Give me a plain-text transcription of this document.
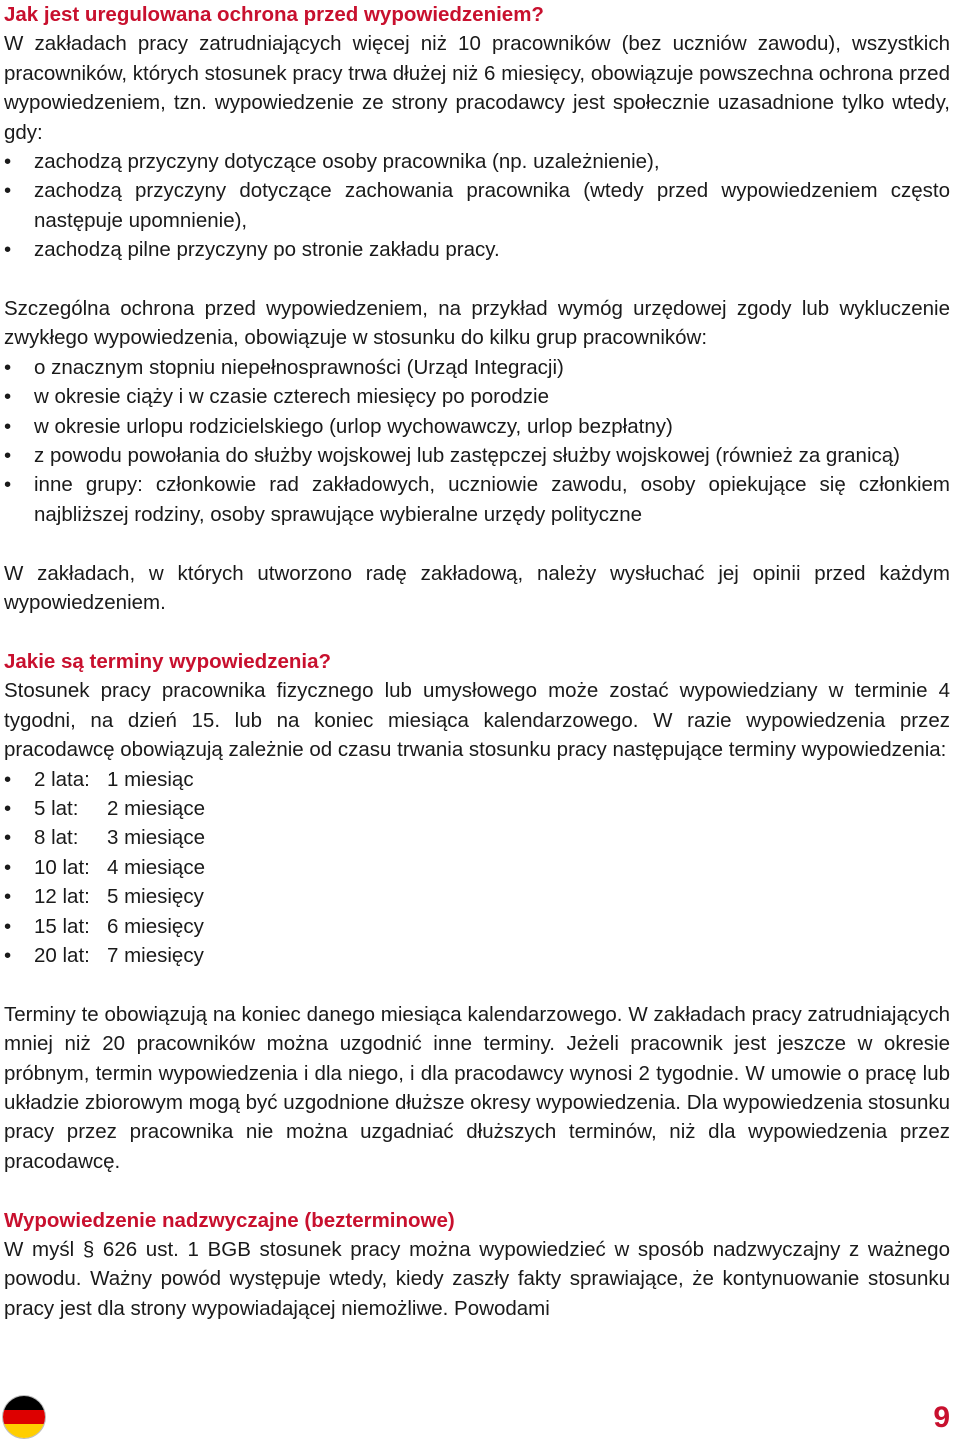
Jak jest uregulowana ochrona przed wypowiedzeniem?

W zakładach pracy zatrudniających więcej niż 10 pracowników (bez uczniów zawodu), wszystkich pracowników, których stosunek pracy trwa dłużej niż 6 miesięcy, obowiązuje powszechna ochrona przed wypowiedzeniem, tzn. wypowiedzenie ze strony pracodawcy jest społecznie uzasadnione tylko wtedy, gdy:

• zachodzą przyczyny dotyczące osoby pracownika (np. uzależnienie),
• zachodzą przyczyny dotyczące zachowania pracownika (wtedy przed wypowiedzeniem często następuje upomnienie),
• zachodzą pilne przyczyny po stronie zakładu pracy.

Szczególna ochrona przed wypowiedzeniem, na przykład wymóg urzędowej zgody lub wykluczenie zwykłego wypowiedzenia, obowiązuje w stosunku do kilku grup pracowników:

• o znacznym stopniu niepełnosprawności (Urząd Integracji)
• w okresie ciąży i w czasie czterech miesięcy po porodzie
• w okresie urlopu rodzicielskiego (urlop wychowawczy, urlop bezpłatny)
• z powodu powołania do służby wojskowej lub zastępczej służby wojskowej (również za granicą)
• inne grupy: członkowie rad zakładowych, uczniowie zawodu, osoby opiekujące się członkiem najbliższej rodziny, osoby sprawujące wybieralne urzędy polityczne

W zakładach, w których utworzono radę zakładową, należy wysłuchać jej opinii przed każdym wypowiedzeniem.

Jakie są terminy wypowiedzenia?

Stosunek pracy pracownika fizycznego lub umysłowego może zostać wypowiedziany w terminie 4 tygodni, na dzień 15. lub na koniec miesiąca kalendarzowego. W razie wypowiedzenia przez pracodawcę obowiązują zależnie od czasu trwania stosunku pracy następujące terminy wypowiedzenia:

• 2 lata: 1 miesiąc
• 5 lat: 2 miesiące
• 8 lat: 3 miesiące
• 10 lat: 4 miesiące
• 12 lat: 5 miesięcy
• 15 lat: 6 miesięcy
• 20 lat: 7 miesięcy

Terminy te obowiązują na koniec danego miesiąca kalendarzowego. W zakładach pracy zatrudniających mniej niż 20 pracowników można uzgodnić inne terminy. Jeżeli pracownik jest jeszcze w okresie próbnym, termin wypowiedzenia i dla niego, i dla pracodawcy wynosi 2 tygodnie. W umowie o pracę lub układzie zbiorowym mogą być uzgodnione dłuższe okresy wypowiedzenia. Dla wypowiedzenia stosunku pracy przez pracownika nie można uzgadniać dłuższych terminów, niż dla wypowiedzenia przez pracodawcę.

Wypowiedzenie nadzwyczajne (bezterminowe)

W myśl § 626 ust. 1 BGB stosunek pracy można wypowiedzieć w sposób nadzwyczajny z ważnego powodu. Ważny powód występuje wtedy, kiedy zaszły fakty sprawiające, że kontynuowanie stosunku pracy jest dla strony wypowiadającej niemożliwe. Powodami

9
